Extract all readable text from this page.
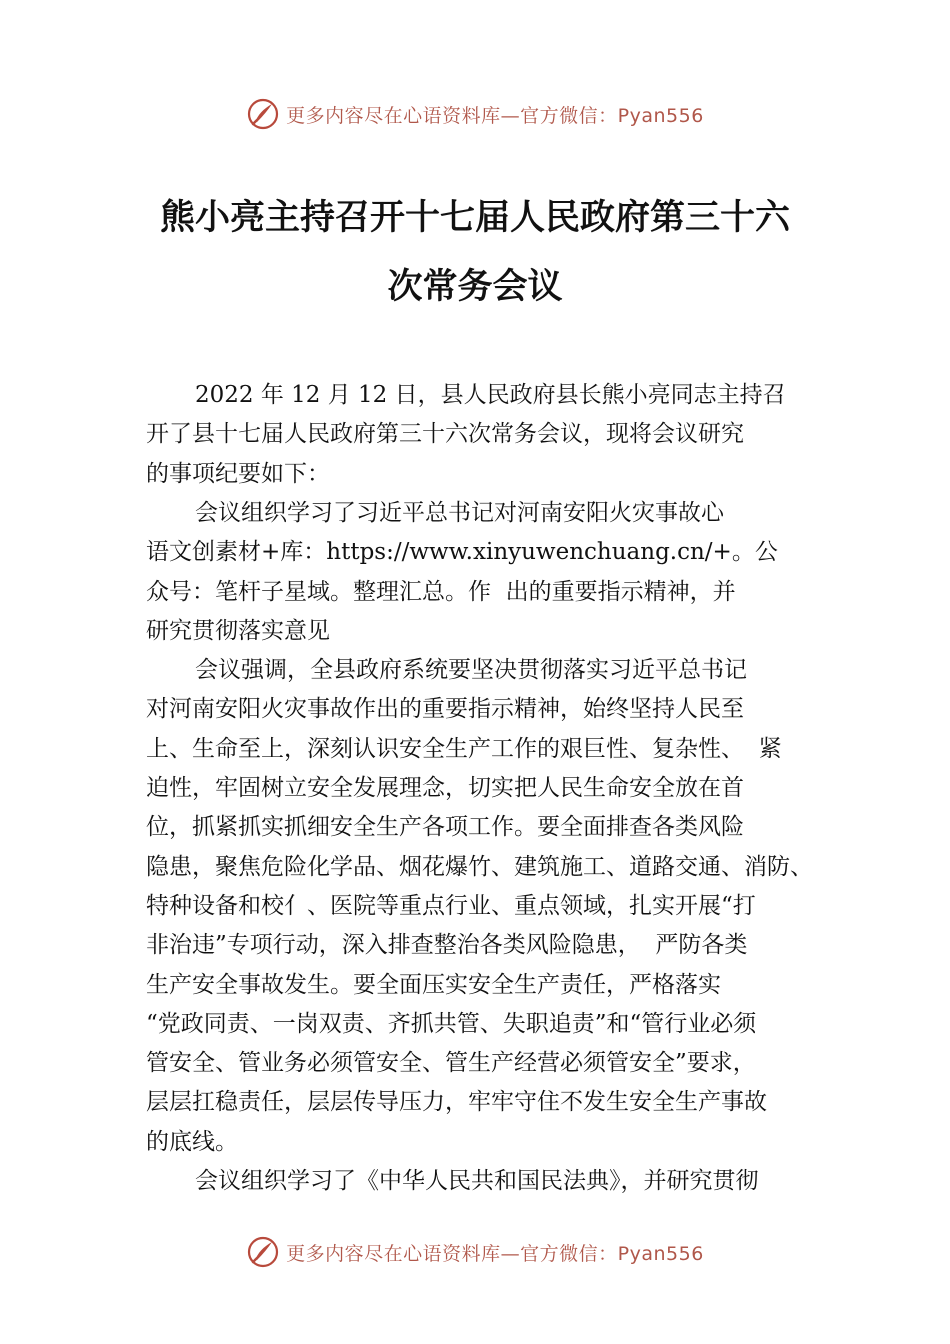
更多内容尽在心语资料库—官方微信：Pyan556
熊小亮主持召开十七届人民政府第三十六
次常务会议

2022 年 12 月 12 日，县人民政府县长熊小亮同志主持召

开了县十七届人民政府第三十六次常务会议，现将会议研究

的事项纪要如下：

会议组织学习了习近平总书记对河南安阳火灾事故心

语文创素材+库：https://www.xinyuwenchuang.cn/+。公

众号：笔杆子星域。整理汇总。作  出的重要指示精神，并

研究贯彻落实意见

会议强调，全县政府系统要坚决贯彻落实习近平总书记

对河南安阳火灾事故作出的重要指示精神，始终坚持人民至

上、生命至上，深刻认识安全生产工作的艰巨性、复杂性、  紧

迫性，牢固树立安全发展理念，切实把人民生命安全放在首

位，抓紧抓实抓细安全生产各项工作。要全面排查各类风险

隐患，聚焦危险化学品、烟花爆竹、建筑施工、道路交通、消防、

特种设备和校⺅、医院等重点行业、重点领域，扎实开展“打

非治违”专项行动，深入排查整治各类风险隐患，  严防各类

生产安全事故发生。要全面压实安全生产责任，严格落实

“党政同责、一岗双责、齐抓共管、失职追责”和“管行业必须

管安全、管业务必须管安全、管生产经营必须管安全”要求，

层层扛稳责任，层层传导压力，牢牢守住不发生安全生产事故

的底线。

会议组织学习了《中华人民共和国民法典》，并研究贯彻

更多内容尽在心语资料库—官方微信：Pyan556
